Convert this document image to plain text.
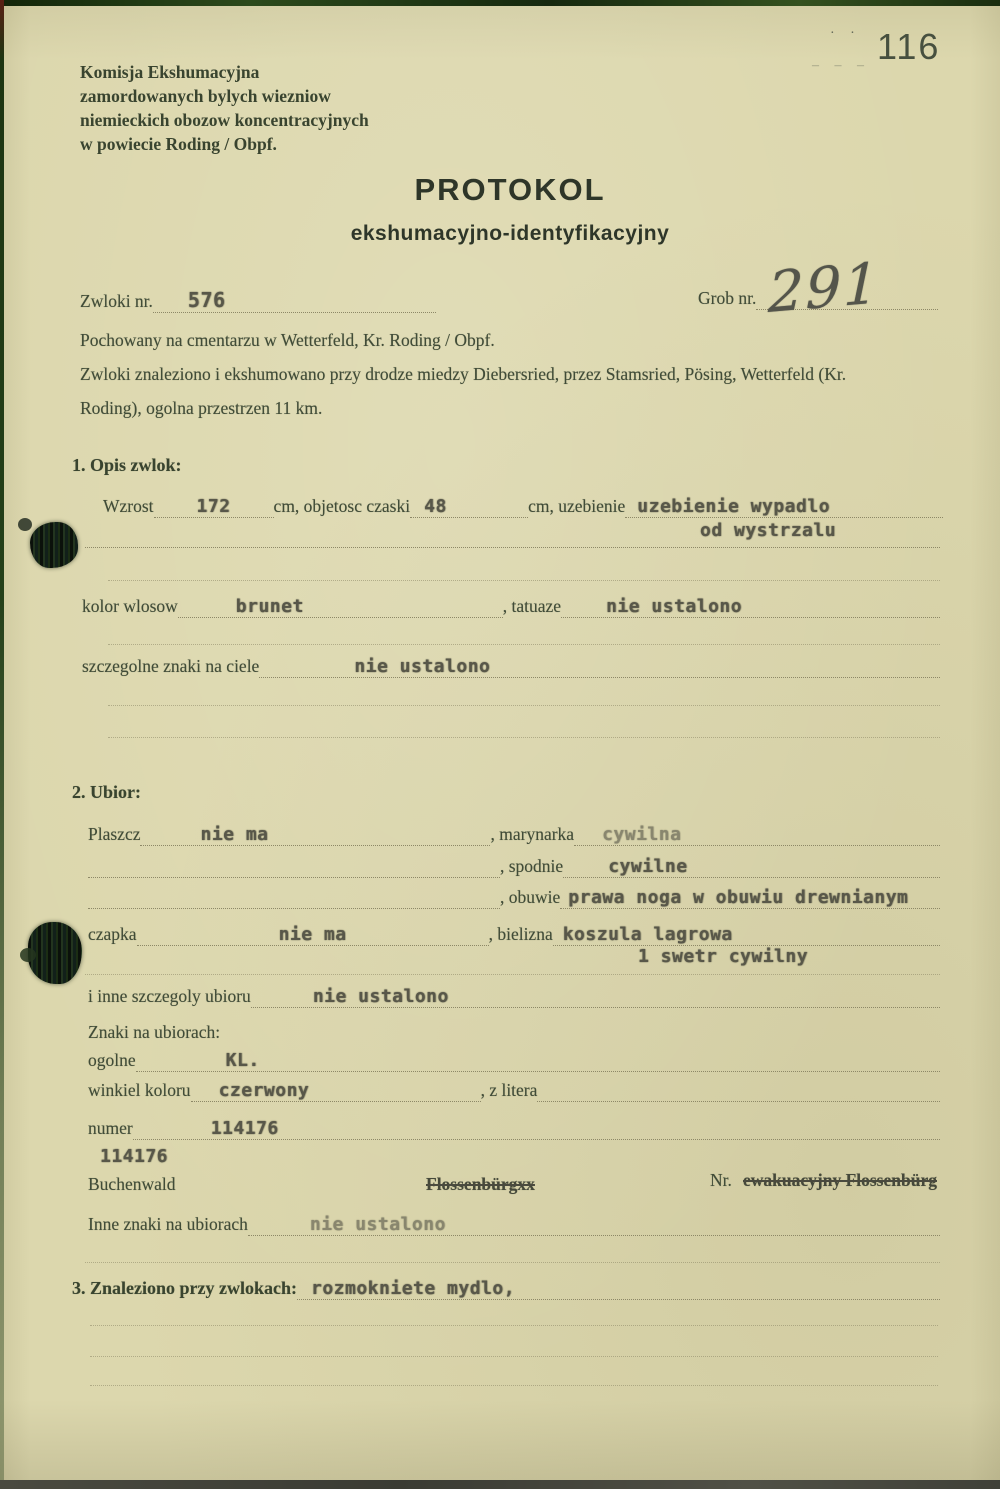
· · 116
– – –
Komisja Ekshumacyjna
zamordowanych bylych wiezniow
niemieckich obozow koncentracyjnych
w powiecie Roding / Obpf.
PROTOKOL
ekshumacyjno-identyfikacyjny
Zwloki nr.	576	Grob nr.
291
Pochowany na cmentarzu w Wetterfeld, Kr. Roding / Obpf.
Zwloki znaleziono i ekshumowano przy drodze miedzy Diebersried, przez Stamsried, Pösing, Wetterfeld (Kr.
Roding), ogolna przestrzen 11 km.
1. Opis zwlok:
Wzrost	172	cm, objetosc czaski 48	cm, uzebienie uzebienie wypadlo
od wystrzalu
kolor wlosow	brunet	, tatuaze	nie ustalono
szczegolne znaki na ciele	nie ustalono
2. Ubior:
Plaszcz	nie ma	, marynarka	cywilna

, spodnie	cywilne

, obuwie prawa noga w obuwiu drewnianym
czapka	nie ma	, bielizna koszula lagrowa
1 swetr cywilny
i inne szczegoly ubioru	nie ustalono
Znaki na ubiorach:
ogolne	KL.
winkiel koloru	czerwony	, z litera

numer	114176
114176
Buchenwald	Flossenbürgxx	Nr. ewakuacyjny Flossenbürg
Inne znaki na ubiorach	nie ustalono
3. Znaleziono przy zwlokach: rozmokniete mydlo,
